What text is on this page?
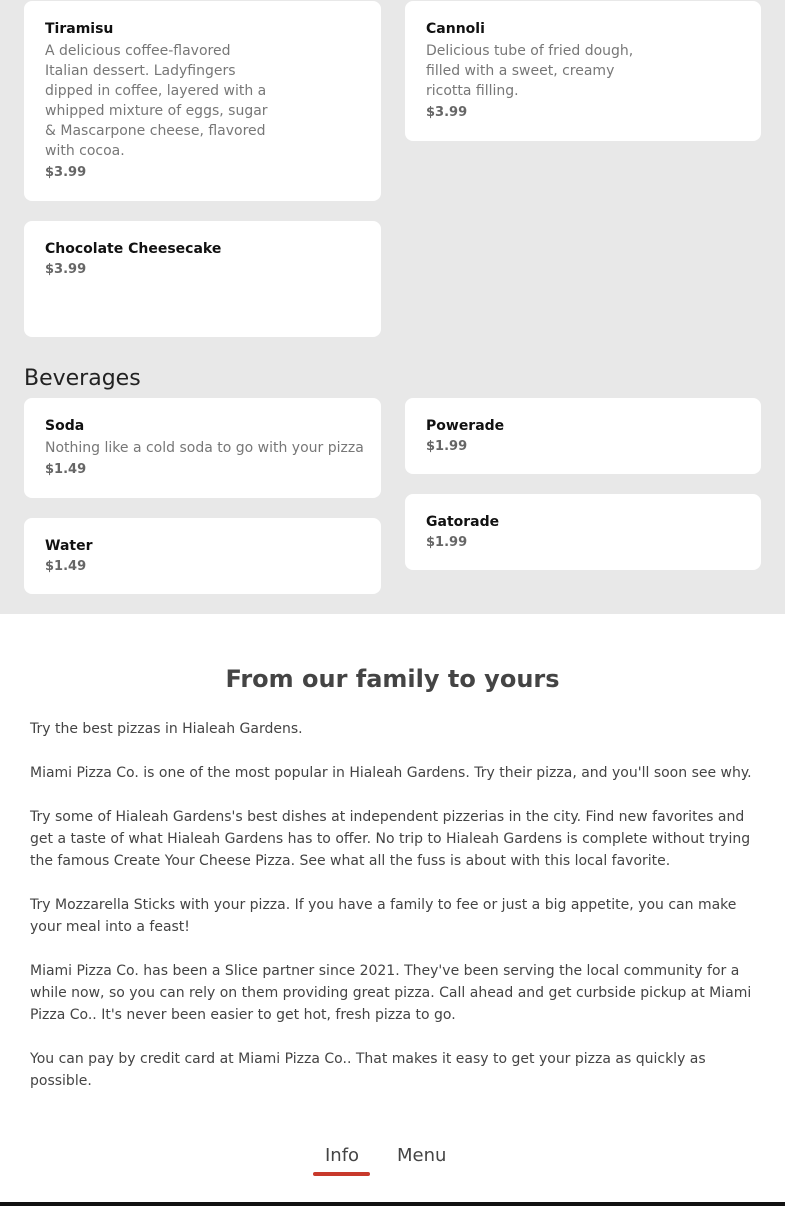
Tiramisu
A delicious coffee-flavored Italian dessert. Ladyfingers dipped in coffee, layered with a whipped mixture of eggs, sugar & Mascarpone cheese, flavored with cocoa.
$3.99
Cannoli
Delicious tube of fried dough, filled with a sweet, creamy ricotta filling.
$3.99
Chocolate Cheesecake
$3.99
Beverages
Soda
Nothing like a cold soda to go with your pizza
$1.49
Powerade
$1.99
Gatorade
$1.99
Water
$1.49
From our family to yours

Try the best pizzas in Hialeah Gardens.

Miami Pizza Co. is one of the most popular in Hialeah Gardens. Try their pizza, and you'll soon see why.

Try some of Hialeah Gardens's best dishes at independent pizzerias in the city. Find new favorites and get a taste of what Hialeah Gardens has to offer. No trip to Hialeah Gardens is complete without trying the famous Create Your Cheese Pizza. See what all the fuss is about with this local favorite.

Try Mozzarella Sticks with your pizza. If you have a family to fee or just a big appetite, you can make your meal into a feast!

Miami Pizza Co. has been a Slice partner since 2021. They've been serving the local community for a while now, so you can rely on them providing great pizza. Call ahead and get curbside pickup at Miami Pizza Co.. It's never been easier to get hot, fresh pizza to go.

You can pay by credit card at Miami Pizza Co.. That makes it easy to get your pizza as quickly as possible.

Info Menu
